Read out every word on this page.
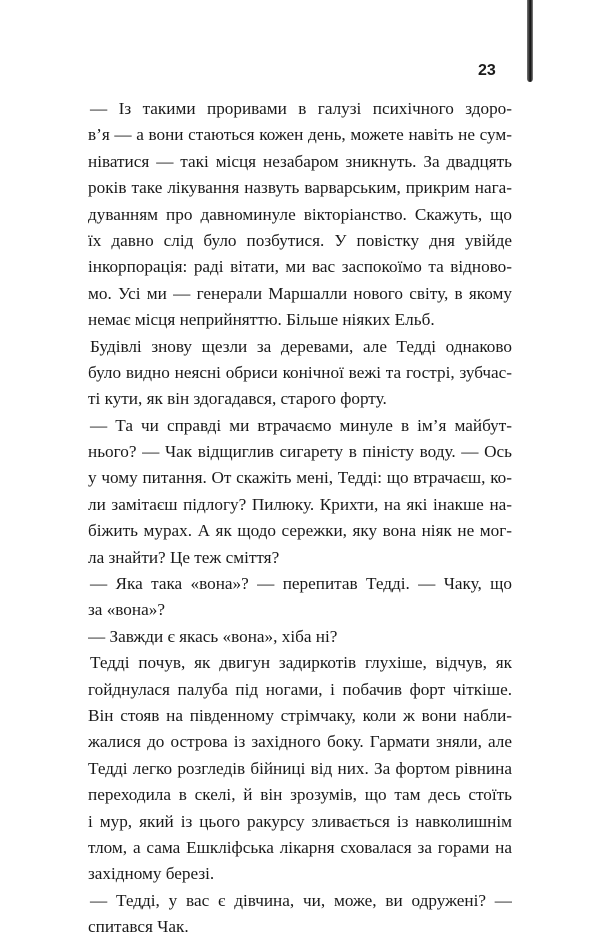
23
— Із такими проривами в галузі психічного здоро-
в’я — а вони стаються кожен день, можете навіть не сум-
ніватися — такі місця незабаром зникнуть. За двадцять
років таке лікування назвуть варварським, прикрим нага-
дуванням про давноминуле вікторіанство. Скажуть, що
їх давно слід було позбутися. У повістку дня увійде
інкорпорація: раді вітати, ми вас заспокоїмо та відново-
мо. Усі ми — генерали Маршалли нового світу, в якому
немає місця неприйняттю. Більше ніяких Ельб.
Будівлі знову щезли за деревами, але Тедді однаково
було видно неясні обриси конічної вежі та гострі, зубчас-
ті кути, як він здогадався, старого форту.
— Та чи справді ми втрачаємо минуле в ім’я майбут-
нього? — Чак відщиглив сигарету в піністу воду. — Ось
у чому питання. От скажіть мені, Тедді: що втрачаєш, ко-
ли замітаєш підлогу? Пилюку. Крихти, на які інакше на-
біжить мурах. А як щодо сережки, яку вона ніяк не мог-
ла знайти? Це теж сміття?
— Яка така «вона»? — перепитав Тедді. — Чаку, що
за «вона»?
— Завжди є якась «вона», хіба ні?
Тедді почув, як двигун задиркотів глухіше, відчув, як
гойднулася палуба під ногами, і побачив форт чіткіше.
Він стояв на південному стрімчаку, коли ж вони набли-
жалися до острова із західного боку. Гармати зняли, але
Тедді легко розгледів бійниці від них. За фортом рівнина
переходила в скелі, й він зрозумів, що там десь стоїть
і мур, який із цього ракурсу зливається із навколишнім
тлом, а сама Ешкліфська лікарня сховалася за горами на
західному березі.
— Тедді, у вас є дівчина, чи, може, ви одружені? —
спитався Чак.
